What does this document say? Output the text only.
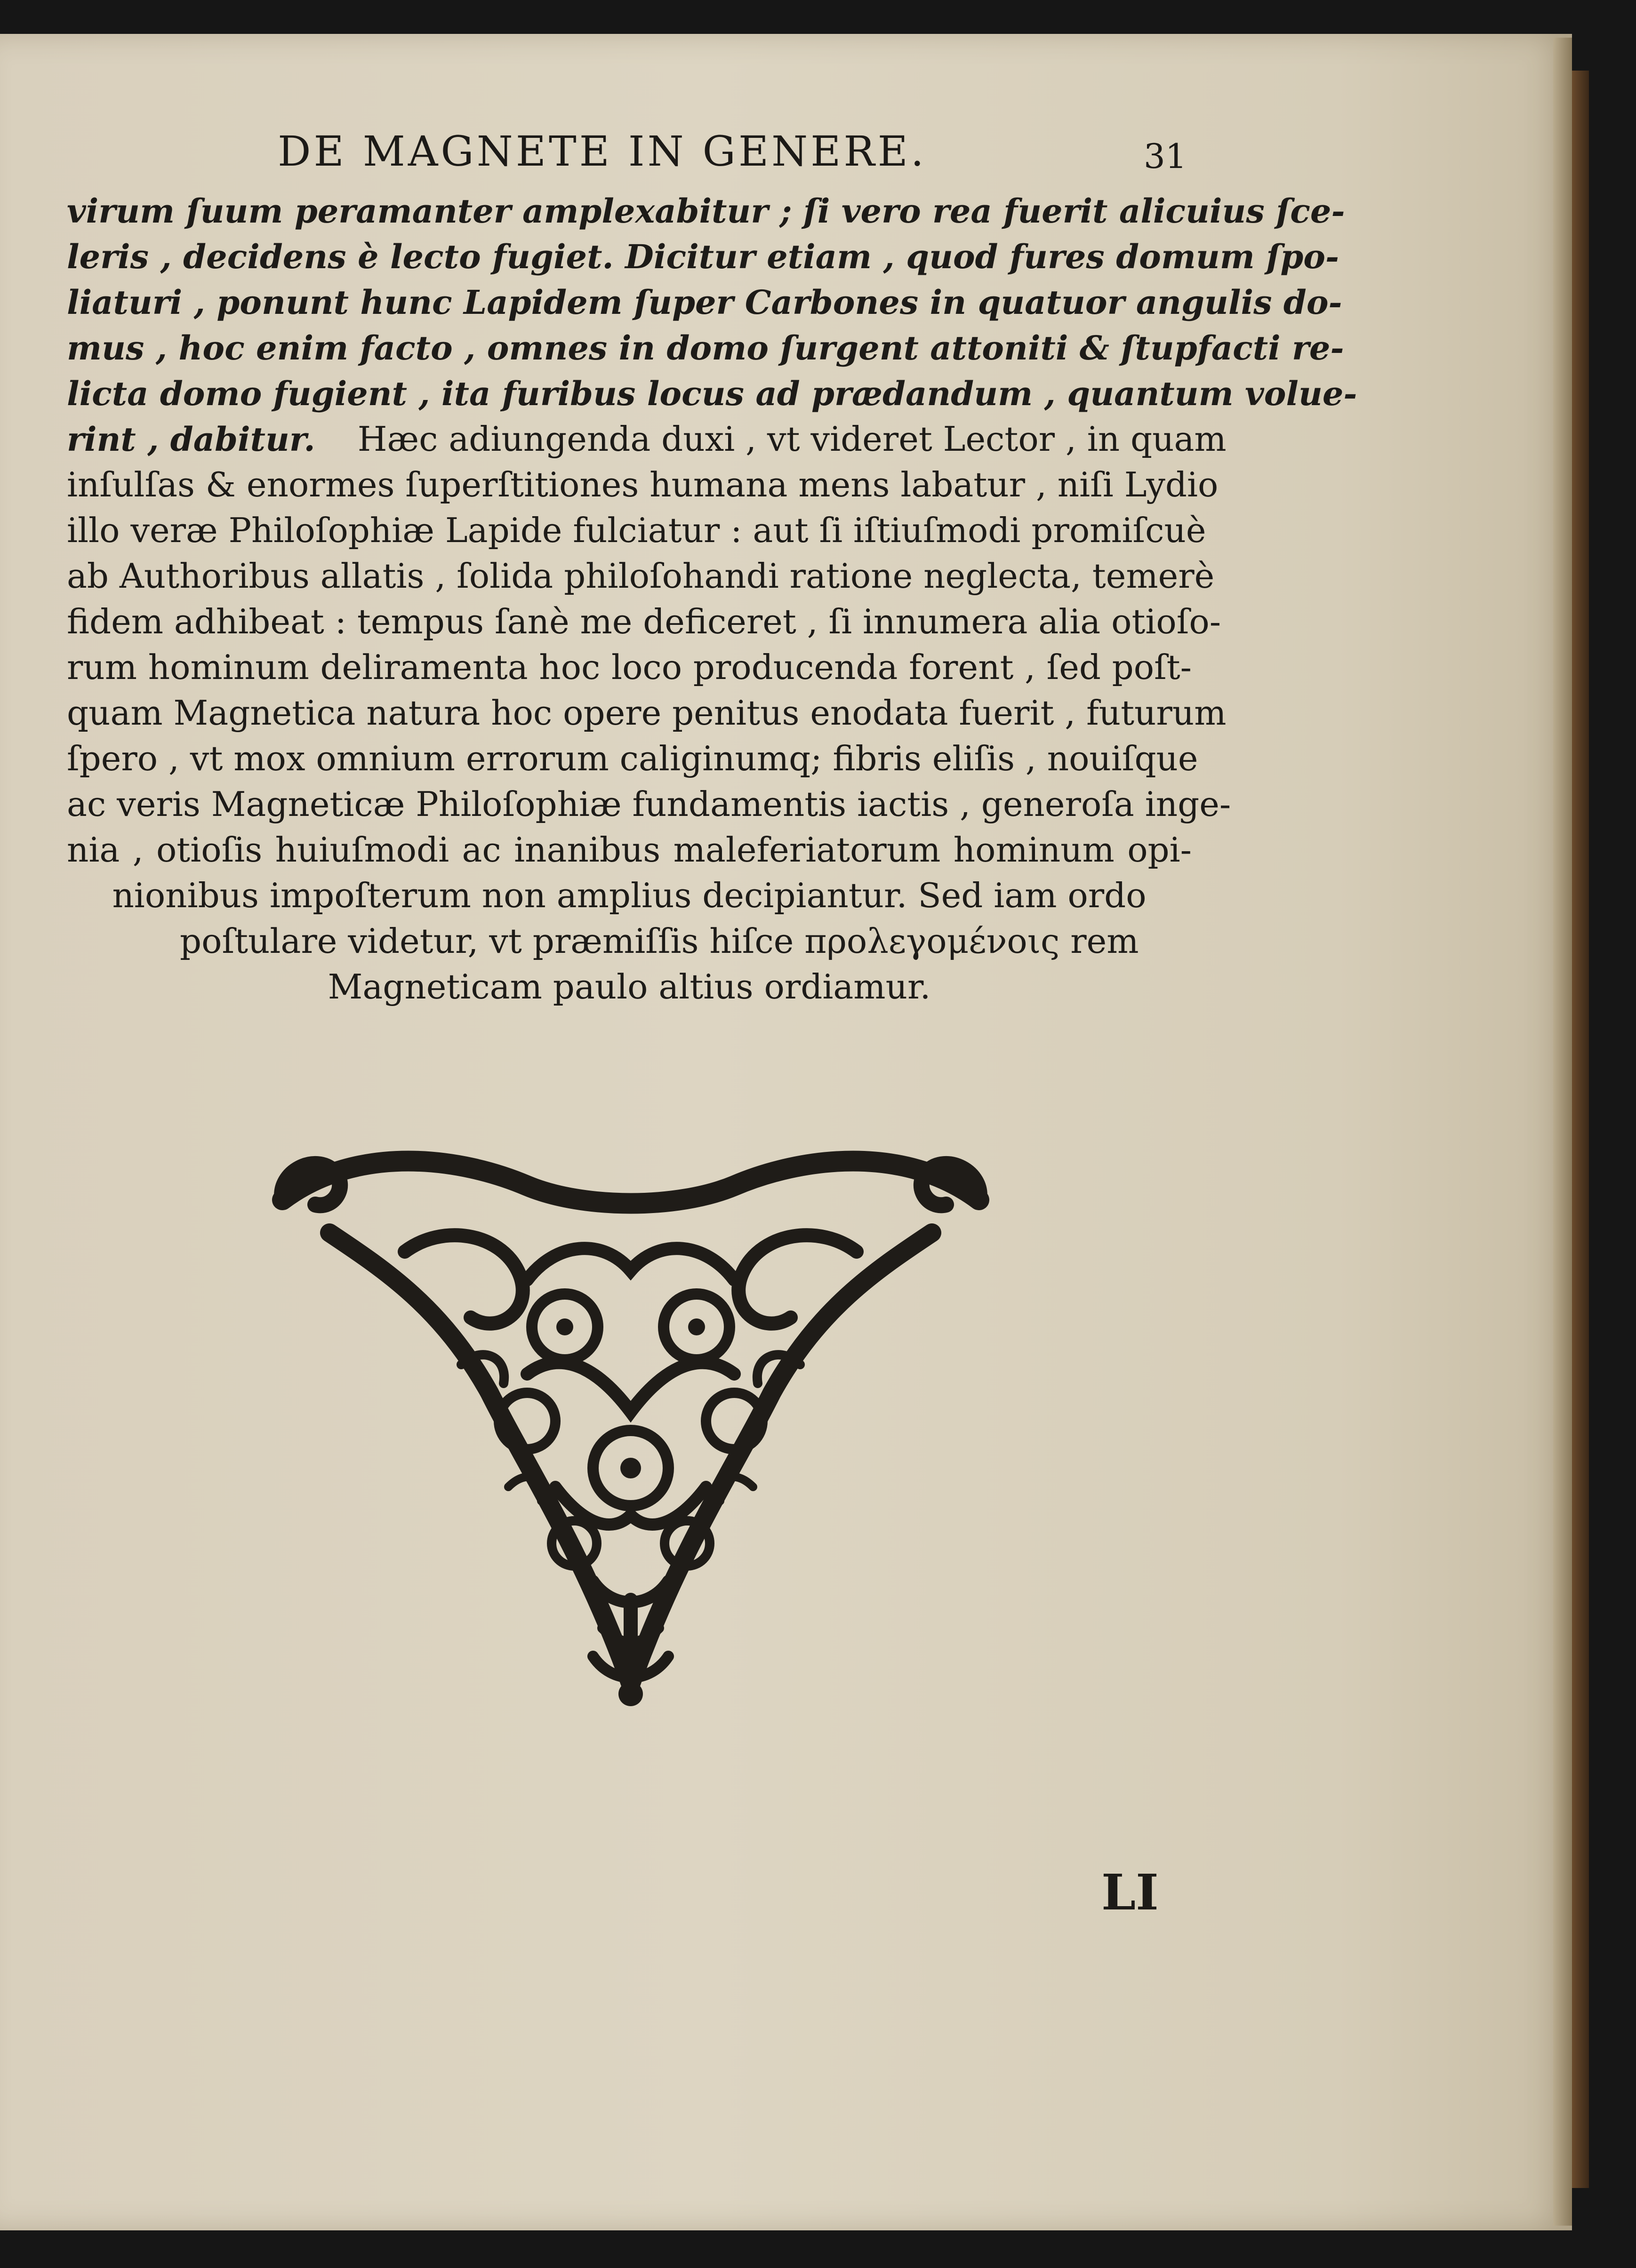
DE MAGNETE IN GENERE.	31
virum ſuum peramanter amplexabitur ; ſi vero rea fuerit alicuius ſce-
leris , decidens è lecto fugiet. Dicitur etiam , quod fures domum ſpo-
liaturi , ponunt hunc Lapidem ſuper Carbones in quatuor angulis do-
mus , hoc enim facto , omnes in domo ſurgent attoniti & ſtupfacti re-
licta domo fugient , ita furibus locus ad prædandum , quantum volue-
rint , dabitur. Hæc adiungenda duxi , vt videret Lector , in quam
inſulſas & enormes ſuperſtitiones humana mens labatur , niſi Lydio
illo veræ Philoſophiæ Lapide fulciatur : aut ſi iſtiuſmodi promiſcuè
ab Authoribus allatis , ſolida philoſohandi ratione neglecta, temerè
fidem adhibeat : tempus ſanè me deficeret , ſi innumera alia otioſo-
rum hominum deliramenta hoc loco producenda forent , ſed poſt-
quam Magnetica natura hoc opere penitus enodata fuerit , futurum
ſpero , vt mox omnium errorum caliginumq; fibris eliſis , nouiſque
ac veris Magneticæ Philoſophiæ fundamentis iactis , generoſa inge-
nia , otioſis huiuſmodi ac inanibus maleferiatorum hominum opi-
nionibus impoſterum non amplius decipiantur. Sed iam ordo
poſtulare videtur, vt præmiſſis hiſce προλεγομένοις rem
Magneticam paulo altius ordiamur.
LI
